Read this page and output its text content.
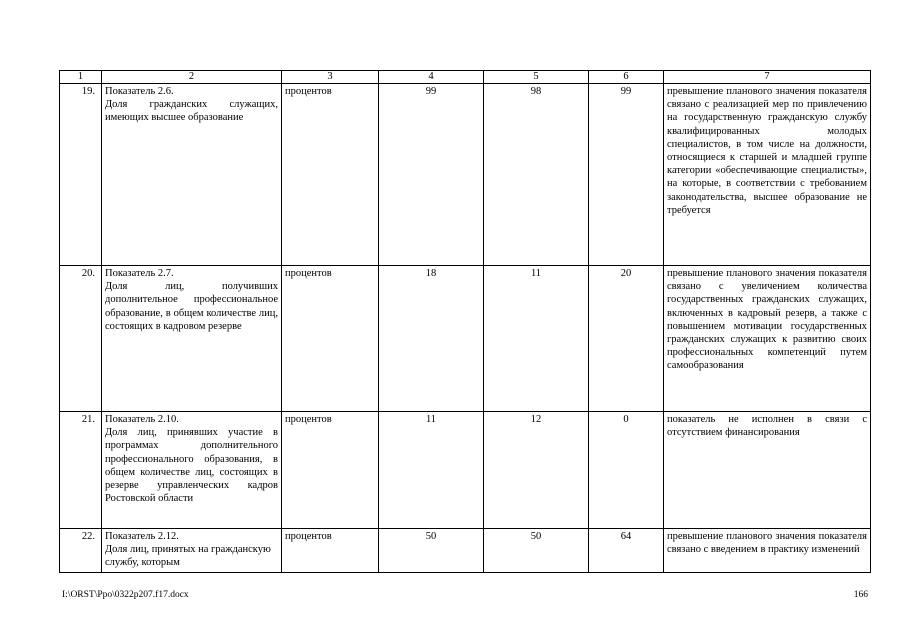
1	2	3	4	5	6	7
19.	Показатель 2.6.
Доля гражданских служащих, имеющих высшее образование	процентов	99	98	99	превышение планового значения показателя связано с реализацией мер по привлечению на государственную гражданскую службу квалифицированных молодых специалистов, в том числе на должности, относящиеся к старшей и младшей группе категории «обеспечивающие специалисты», на которые, в соответствии с требованием законодательства, высшее образование не требуется
20.	Показатель 2.7.
Доля лиц, получивших дополнительное профессиональное образование, в общем количестве лиц, состоящих в кадровом резерве	процентов	18	11	20	превышение планового значения показателя связано с увеличением количества государственных гражданских служащих, включенных в кадровый резерв, а также с повышением мотивации государственных гражданских служащих к развитию своих профессиональных компетенций путем самообразования
21.	Показатель 2.10.
Доля лиц, принявших участие в программах дополнительного профессионального образования, в общем количестве лиц, состоящих в резерве управленческих кадров Ростовской области	процентов	11	12	0	показатель не исполнен в связи с отсутствием финансирования
22.	Показатель 2.12.
Доля лиц, принятых на гражданскую службу, которым	процентов	50	50	64	превышение планового значения показателя связано с введением в практику изменений
I:\ORST\Ppo\0322p207.f17.docx	166
